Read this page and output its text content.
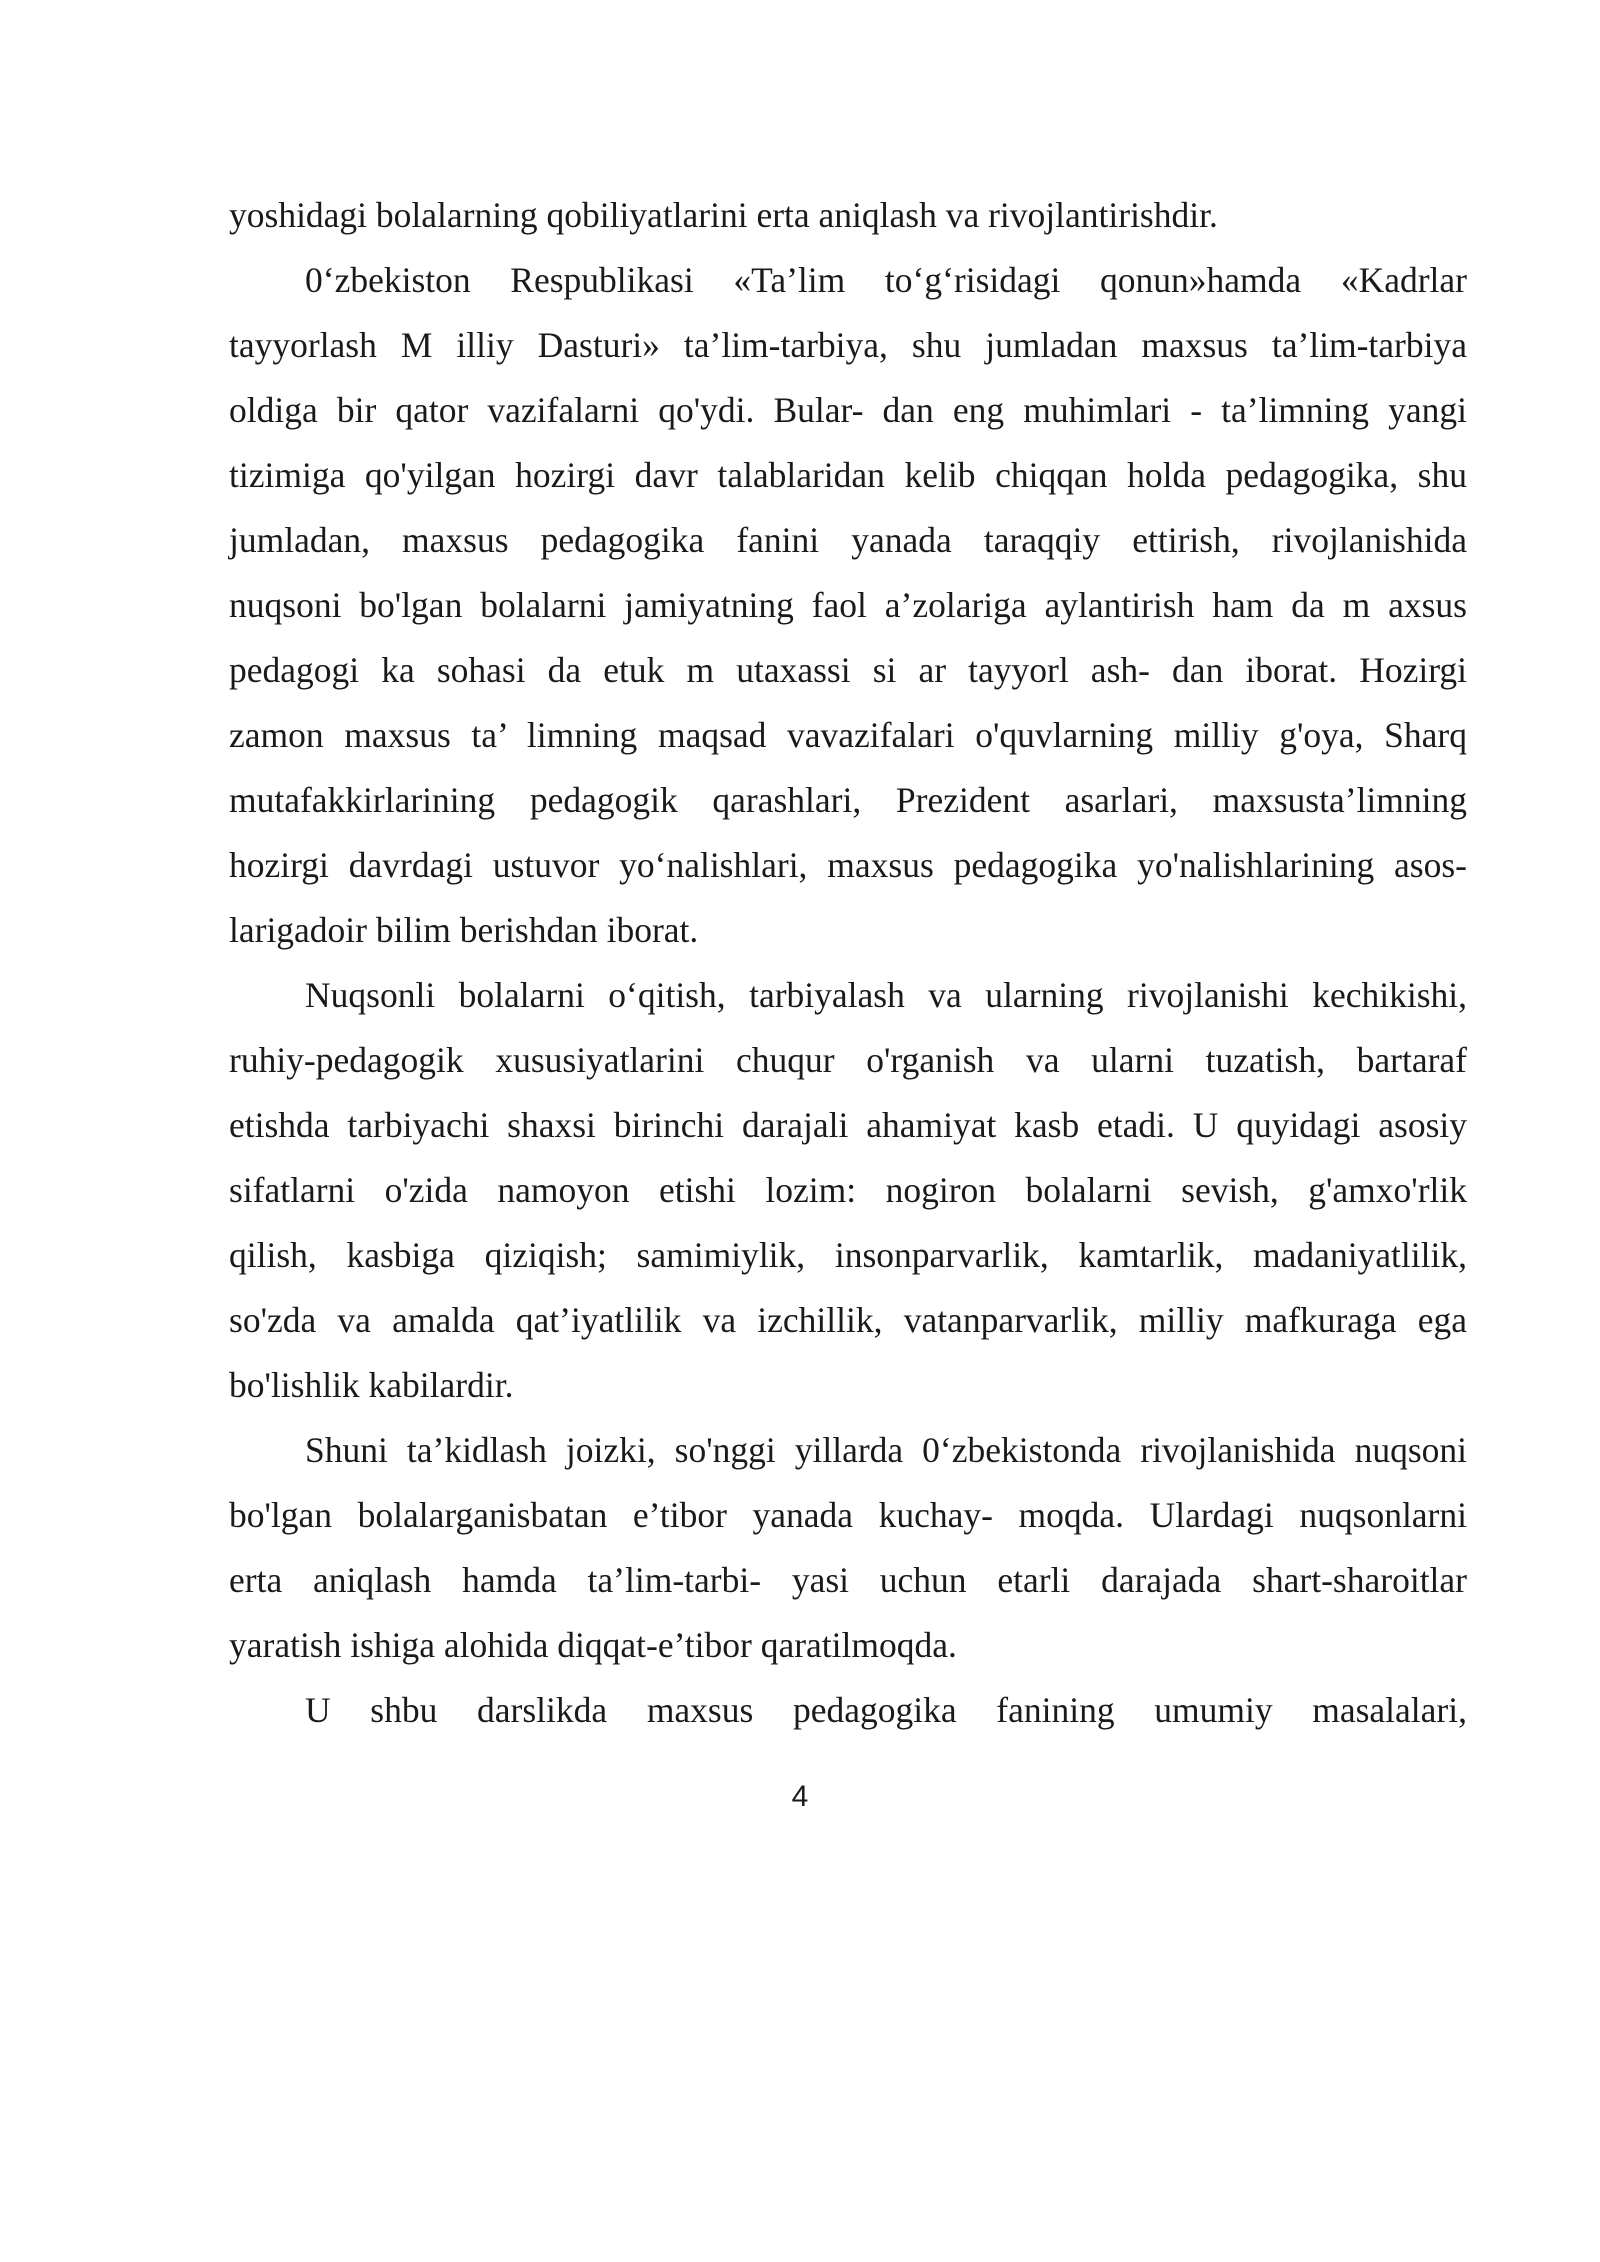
yoshidagi bolalarning qobiliyatlarini erta aniqlash va rivojlantirishdir.
0‘zbekiston Respublikasi «Ta’lim to‘g‘risidagi qonun»hamda «Kadrlar
tayyorlash M illiy Dasturi» ta’lim-tarbiya, shu jumladan maxsus ta’lim-tarbiya
oldiga bir qator vazifalarni qo'ydi. Bular- dan eng muhimlari - ta’limning yangi
tizimiga qo'yilgan hozirgi davr talablaridan kelib chiqqan holda pedagogika, shu
jumladan, maxsus pedagogika fanini yanada taraqqiy ettirish, rivojlanishida
nuqsoni bo'lgan bolalarni jamiyatning faol a’zolariga aylantirish ham da m axsus
pedagogi ka sohasi da etuk m utaxassi si ar tayyorl ash- dan iborat. Hozirgi
zamon maxsus ta’ limning maqsad vavazifalari o'quvlarning milliy g'oya, Sharq
mutafakkirlarining pedagogik qarashlari, Prezident asarlari, maxsusta’limning
hozirgi davrdagi ustuvor yo‘nalishlari, maxsus pedagogika yo'nalishlarining asos-
larigadoir bilim berishdan iborat.
Nuqsonli bolalarni o‘qitish, tarbiyalash va ularning rivojlanishi kechikishi,
ruhiy-pedagogik xususiyatlarini chuqur o'rganish va ularni tuzatish, bartaraf
etishda tarbiyachi shaxsi birinchi darajali ahamiyat kasb etadi. U quyidagi asosiy
sifatlarni o'zida namoyon etishi lozim: nogiron bolalarni sevish, g'amxo'rlik
qilish, kasbiga qiziqish; samimiylik, insonparvarlik, kamtarlik, madaniyatlilik,
so'zda va amalda qat’iyatlilik va izchillik, vatanparvarlik, milliy mafkuraga ega
bo'lishlik kabilardir.
Shuni ta’kidlash joizki, so'nggi yillarda 0‘zbekistonda rivojlanishida nuqsoni
bo'lgan bolalarganisbatan e’tibor yanada kuchay- moqda. Ulardagi nuqsonlarni
erta aniqlash hamda ta’lim-tarbi- yasi uchun etarli darajada shart-sharoitlar
yaratish ishiga alohida diqqat-e’tibor qaratilmoqda.
U shbu darslikda maxsus pedagogika fanining umumiy masalalari,
4
